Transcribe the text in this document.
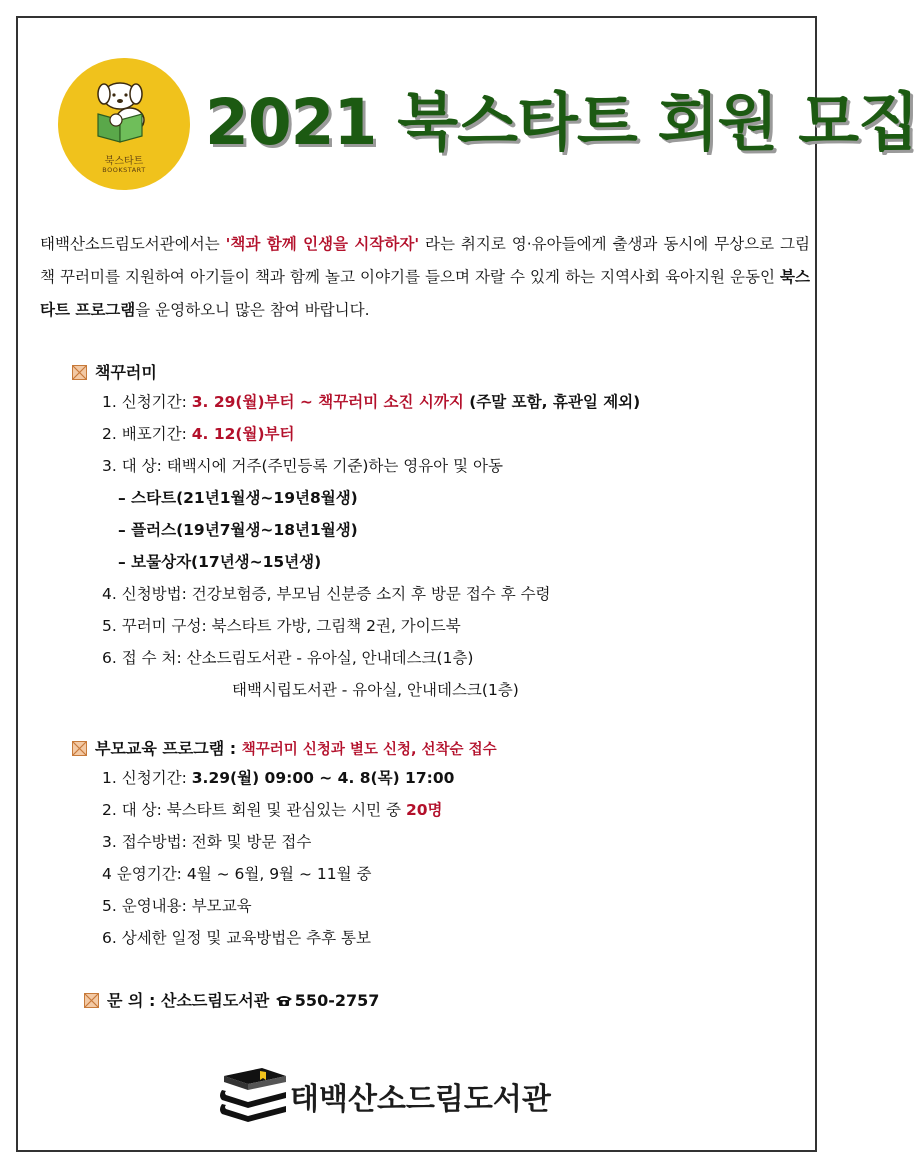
북스타트
BOOKSTART
2021 북스타트 회원 모집
태백산소드림도서관에서는 '책과 함께 인생을 시작하자' 라는 취지로 영·유아들에게 출생과 동시에 무상으로 그림책 꾸러미를 지원하여 아기들이 책과 함께 놀고 이야기를 들으며 자랄 수 있게 하는 지역사회 육아지원 운동인 북스타트 프로그램을 운영하오니 많은 참여 바랍니다.
책꾸러미
1. 신청기간: 3. 29(월)부터 ~ 책꾸러미 소진 시까지 (주말 포함, 휴관일 제외)
2. 배포기간: 4. 12(월)부터
3. 대 상: 태백시에 거주(주민등록 기준)하는 영유아 및 아동
– 스타트(21년1월생~19년8월생)
– 플러스(19년7월생~18년1월생)
– 보물상자(17년생~15년생)
4. 신청방법: 건강보험증, 부모님 신분증 소지 후 방문 접수 후 수령
5. 꾸러미 구성: 북스타트 가방, 그림책 2권, 가이드북
6. 접 수 처: 산소드림도서관 - 유아실, 안내데스크(1층)
태백시립도서관 - 유아실, 안내데스크(1층)
부모교육 프로그램 : 책꾸러미 신청과 별도 신청, 선착순 접수
1. 신청기간: 3.29(월) 09:00 ~ 4. 8(목) 17:00
2. 대 상: 북스타트 회원 및 관심있는 시민 중 20명
3. 접수방법: 전화 및 방문 접수
4 운영기간: 4월 ~ 6월, 9월 ~ 11월 중
5. 운영내용: 부모교육
6. 상세한 일정 및 교육방법은 추후 통보
문 의 : 산소드림도서관 550-2757
태백산소드림도서관
